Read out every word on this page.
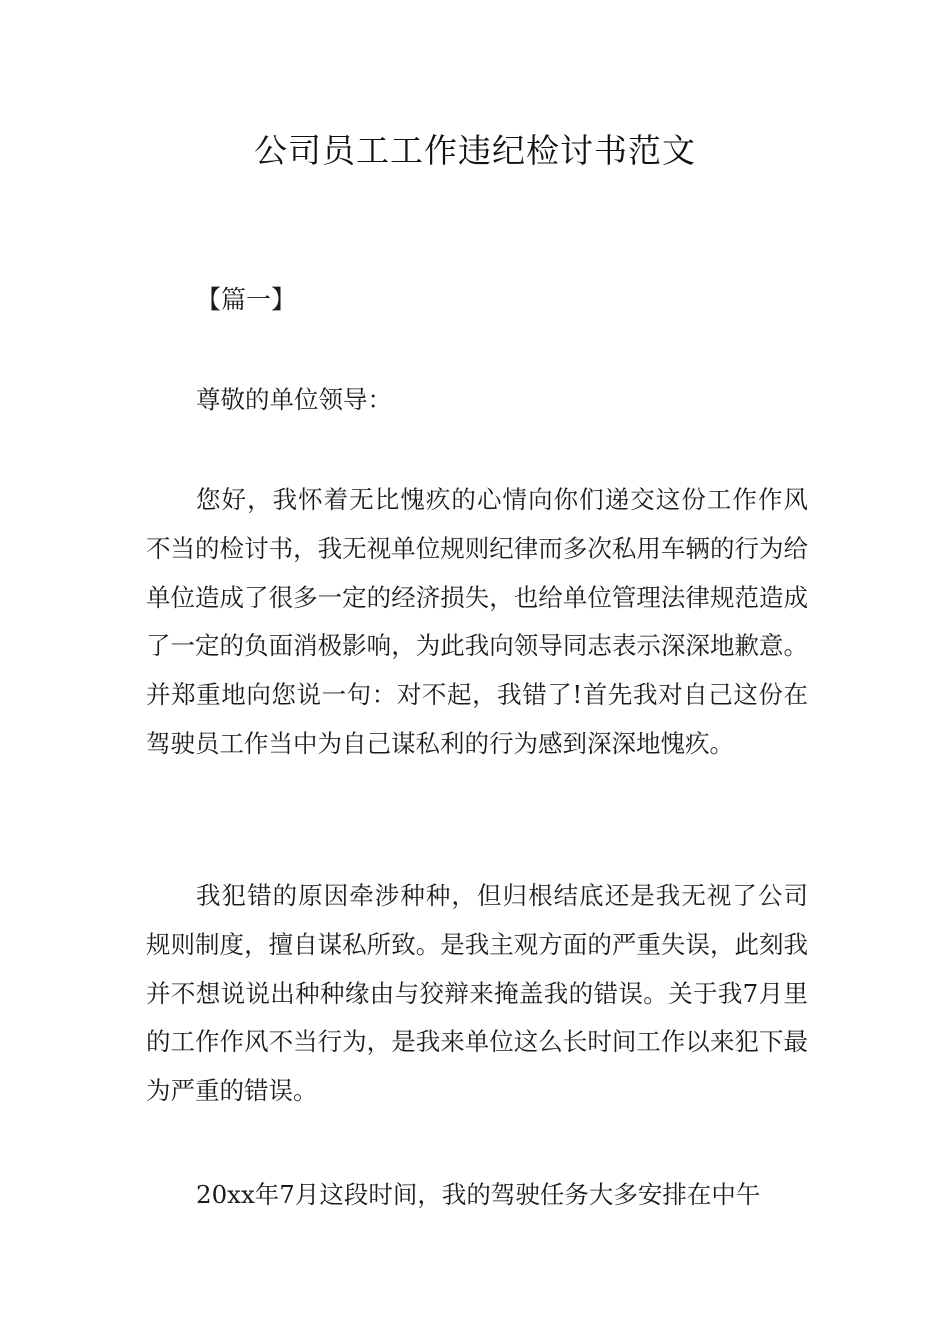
公司员工工作违纪检讨书范文
【篇一】
尊敬的单位领导：

您好，我怀着无比愧疚的心情向你们递交这份工作作风不当的检讨书，我无视单位规则纪律而多次私用车辆的行为给单位造成了很多一定的经济损失，也给单位管理法律规范造成了一定的负面消极影响，为此我向领导同志表示深深地歉意。并郑重地向您说一句：对不起，我错了!首先我对自己这份在驾驶员工作当中为自己谋私利的行为感到深深地愧疚。

我犯错的原因牵涉种种，但归根结底还是我无视了公司规则制度，擅自谋私所致。是我主观方面的严重失误，此刻我并不想说说出种种缘由与狡辩来掩盖我的错误。关于我7月里的工作作风不当行为，是我来单位这么长时间工作以来犯下最为严重的错误。

20xx年7月这段时间，我的驾驶任务大多安排在中午
